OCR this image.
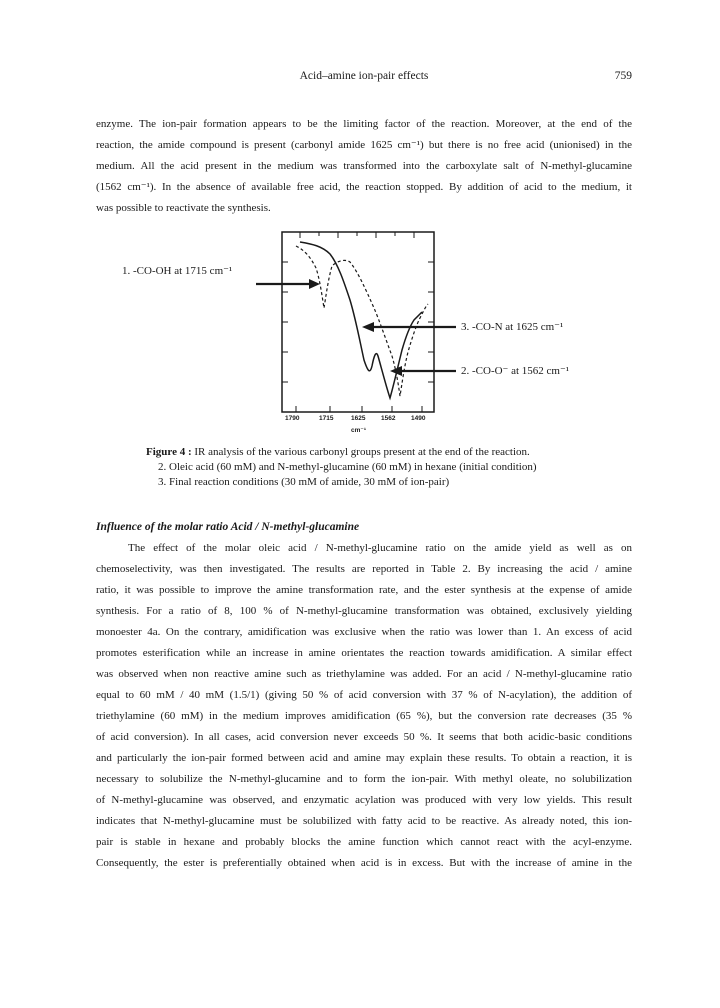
Acid–amine ion-pair effects	759
enzyme. The ion-pair formation appears to be the limiting factor of the reaction. Moreover, at the end of the
reaction, the amide compound is present (carbonyl amide 1625 cm⁻¹) but there is no free acid (unionised) in the
medium. All the acid present in the medium was transformed into the carboxylate salt of N-methyl-glucamine
(1562 cm⁻¹). In the absence of available free acid, the reaction stopped. By addition of acid to the medium, it
was possible to reactivate the synthesis.
1. -CO-OH at 1715 cm⁻¹
3. -CO-N at 1625 cm⁻¹
2. -CO-O⁻ at 1562 cm⁻¹
1790	1715	1625 1562 1490
cm⁻¹
Figure 4 : IR analysis of the various carbonyl groups present at the end of the reaction.
2. Oleic acid (60 mM) and N-methyl-glucamine (60 mM) in hexane (initial condition)
3. Final reaction conditions (30 mM of amide, 30 mM of ion-pair)
Influence of the molar ratio Acid / N-methyl-glucamine
The effect of the molar oleic acid / N-methyl-glucamine ratio on the amide yield as well as on
chemoselectivity, was then investigated. The results are reported in Table 2. By increasing the acid / amine
ratio, it was possible to improve the amine transformation rate, and the ester synthesis at the expense of amide
synthesis. For a ratio of 8, 100 % of N-methyl-glucamine transformation was obtained, exclusively yielding
monoester 4a. On the contrary, amidification was exclusive when the ratio was lower than 1. An excess of acid
promotes esterification while an increase in amine orientates the reaction towards amidification. A similar effect
was observed when non reactive amine such as triethylamine was added. For an acid / N-methyl-glucamine ratio
equal to 60 mM / 40 mM (1.5/1) (giving 50 % of acid conversion with 37 % of N-acylation), the addition of
triethylamine (60 mM) in the medium improves amidification (65 %), but the conversion rate decreases (35 %
of acid conversion). In all cases, acid conversion never exceeds 50 %. It seems that both acidic-basic conditions
and particularly the ion-pair formed between acid and amine may explain these results. To obtain a reaction, it is
necessary to solubilize the N-methyl-glucamine and to form the ion-pair. With methyl oleate, no solubilization
of N-methyl-glucamine was observed, and enzymatic acylation was produced with very low yields. This result
indicates that N-methyl-glucamine must be solubilized with fatty acid to be reactive. As already noted, this ion-
pair is stable in hexane and probably blocks the amine function which cannot react with the acyl-enzyme.
Consequently, the ester is preferentially obtained when acid is in excess. But with the increase of amine in the
